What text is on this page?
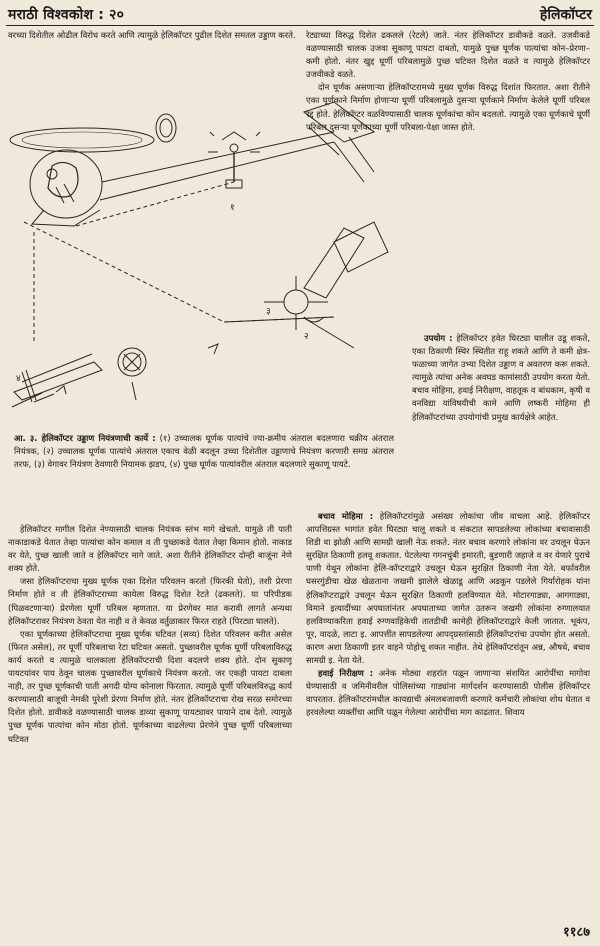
मराठी विश्वकोश : २०	हेलिकॉप्टर

वरच्या दिशेतील ओढील विरोध करते आणि त्यामुळे हेलिकॉप्टर पुढील दिशेत समतल उड्डाण करते.

१
२
३
४
आ. ३. हेलिकॉप्टर उड्डाण नियंत्रणाची कार्ये : (१) उच्चालक घूर्णक पात्यांचे ज्या-क्रमीय अंतराल बदलणारा चक्रीय अंतराल नियंत्रक, (२) उच्चालक घूर्णक पात्यांचे अंतराल एकाच वेळी बदलून उच्चा दिशेतील उड्डाणाचे नियंत्रण करणारी समग्र अंतराल तरफ, (३) वेगावर नियंत्रण ठेवणारी नियामक झडप, (४) पुच्छ घूर्णक पात्यांवरील अंतराल बदलणारे सुकाणू पायटे.

हेलिकॉप्टर मागील दिशेत नेण्यासाठी चालक नियंत्रक स्तंभ मागे खेचतो. यामुळे ती पाती नाकाडाकडे येतात तेव्हा पात्यांचा कोन कमाल व ती पुच्छाकडे येतात तेव्हा किमान होतो. नाकाड वर येते, पुच्छ खाली जाते व हेलिकॉप्टर मागे जाते. अशा रीतीने हेलिकॉप्टर दोन्ही बाजूंना नेणे शक्य होते.

जसा हेलिकॉप्टराचा मुख्य घूर्णक एका दिशेत परिवलन करतो (फिरकी घेतो), तशी प्रेरणा निर्माण होते व ती हेलिकॉप्टराच्या कायेला विरुद्ध दिशेत रेटते (ढकलते). या परिपीडक (पिळवटणाऱ्या) प्रेरणेला घूर्णी परिबल म्हणतात. या प्रेरणेवर मात करावी लागते अन्यथा हेलिकॉप्टरावर नियंत्रण ठेवता येत नाही व ते केवळ वर्तुळाकार फिरत राहते (पिरट्या घालते).

एका घूर्णकाच्या हेलिकॉप्टराचा मुख्य घूर्णक घटिवत (सव्य) दिशेत परिवलन करीत असेल (फिरत असेल), तर घूर्णी परिबलाचा रेटा घटिवत असतो. पुच्छावरील घूर्णक घूर्णी परिबलाविरुद्ध कार्य करतो व त्यामुळे चालकाला हेलिकॉप्टराची दिशा बदलणे शक्य होते. दोन सुकाणू पायटयांवर पाय ठेवून चालक पुच्छावरील घूर्णकाचे नियंत्रण करतो. जर एकही पायटा दाबला नाही, तर पुच्छ घूर्णकाची पाती अगदी योग्य कोनाला फिरतात. त्यामुळे घूर्णी परिबलविरुद्ध कार्य करण्यासाठी बाजूची नेमकी पुरेशी प्रेरणा निर्माण होते. नंतर हेलिकॉप्टराचा रोख सरळ समोरच्या दिशेत होतो. डावीकडे वळण्यासाठी चालक डाव्या सुकाणू पायट्यावर पायाने दाब देतो. त्यामुळे पुच्छ घूर्णक पात्यांचा कोन मोठा होतो. घूर्णकाच्या वाढलेल्या प्रेरणेने पुच्छ घूर्णी परिबलाच्या घटिवत

रेट्याच्या विरुद्ध दिशेत ढकलले (रेटले) जाते. नंतर हेलिकॉप्टर डावीकडे वळते. उजवीकडे वळण्यासाठी चालक उजवा सुकाणू पायटा दाबतो, यामुळे पुच्छ घूर्णक पात्यांचा कोन–प्रेरणा–कमी होतो. नंतर खुद्द घूर्णी परिबलामुळे पुच्छ घटिवत दिशेत वळते व त्यामुळे हेलिकॉप्टर उजवीकडे वळते.

दोन घूर्णक असणाऱ्या हेलिकॉप्टरामध्ये मुख्य घूर्णक विरुद्ध दिशांत फिरतात. अशा रीतीने एका घूर्णकाने निर्माण होणाऱ्या घूर्णी परिबलामुळे दुसऱ्या घूर्णकाने निर्माण केलेले घूर्णी परिबल रद्द होते. हेलिकॉप्टर वळविण्यासाठी चालक घूर्णकांचा कोन बदलतो. त्यामुळे एका घूर्णकाचे घूर्णी परिबल दुसऱ्या घूर्णकाच्या घूर्णी परिबला-पेक्षा जास्त होते.

उपयोग : हेलिकॉप्टर हवेत घिरट्या घालीत उडू शकते, एका ठिकाणी स्थिर स्थितीत राहू शकते आणि ते कमी क्षेत्र-फळाच्या जागेत उभ्या दिशेत उड्डाण व अवतरण करू शकते. त्यामुळे त्यांचा अनेक अवघड कामांसाठी उपयोग करता येतो. बचाव मोहिमा, हवाई निरीक्षण, वाहतूक व बांधकाम, कृषी व वनविद्या यांविषयीची कामे आणि लष्करी मोहिमा ही हेलिकॉप्टरांच्या उपयोगांची प्रमुख कार्यक्षेत्रे आहेत.

बचाव मोहिमा : हेलिकॉप्टरांमुळे असंख्य लोकांचा जीव वाचला आहे. हेलिकॉप्टर आपत्तिग्रस्त भागांत हवेत घिरट्या चालू शकते व संकटात सापडलेल्या लोकांच्या बचावासाठी शिडी वा झोळी आणि सामग्री खाली नेऊ शकते. नंतर बचाव करणारे लोकांना वर उचलून घेऊन सुरक्षित ठिकाणी हलवू शकतात. पेटलेल्या गगनचुंबी इमारती, बुडणारी जहाजे व वर येणारे पुराचे पाणी येथून लोकांना हेलि-कॉप्टराद्वारे उचलून घेऊन सुरक्षित ठिकाणी नेता येते. बर्फावरील घसरगुंडीचा खेळ खेळताना जखमी झालेले खेळाडू आणि अडकून पडलेले गिर्यारोहक यांना हेलिकॉप्टराद्वारे उचलून घेऊन सुरक्षित ठिकाणी हलविण्यात येते. मोटारगाड्या, आगगाड्या, विमाने इत्यादींच्या अपघातांनंतर अपघाताच्या जागेत उतरून जखमी लोकांना रुग्णालयात हलविण्याकरिता हवाई रुग्णवाहिकेची तातडीची कामेही हेलिकॉप्टराद्वारे केली जातात. भूकंप, पूर, वादळे, लाटा इ. आपत्तींत सापडलेल्या आपद्ग्रस्तांसाठी हेलिकॉप्टरांचा उपयोग होत असतो. कारण अशा ठिकाणी इतर वाहने पोहोचू शकत नाहीत. तेथे हेलिकॉप्टरांतून अन्न, औषधे, बचाव सामग्री इ. नेता येते.

हवाई निरीक्षण : अनेक मोठ्या शहरांत पळून जाणाऱ्या संशयित आरोपींचा मागोवा घेण्यासाठी व जमिनीवरील पोलिसांच्या गाड्यांना मार्गदर्शन करण्यासाठी पोलीस हेलिकॉप्टर वापरतात. हेलिकॉप्टरांमधील कायद्याची अंमलबजावणी करणारे कर्मचारी लोकांचा शोध घेतात व हरवलेल्या व्यक्तींचा आणि पळून गेलेल्या आरोपींचा माग काढतात. शिवाय

११८७
